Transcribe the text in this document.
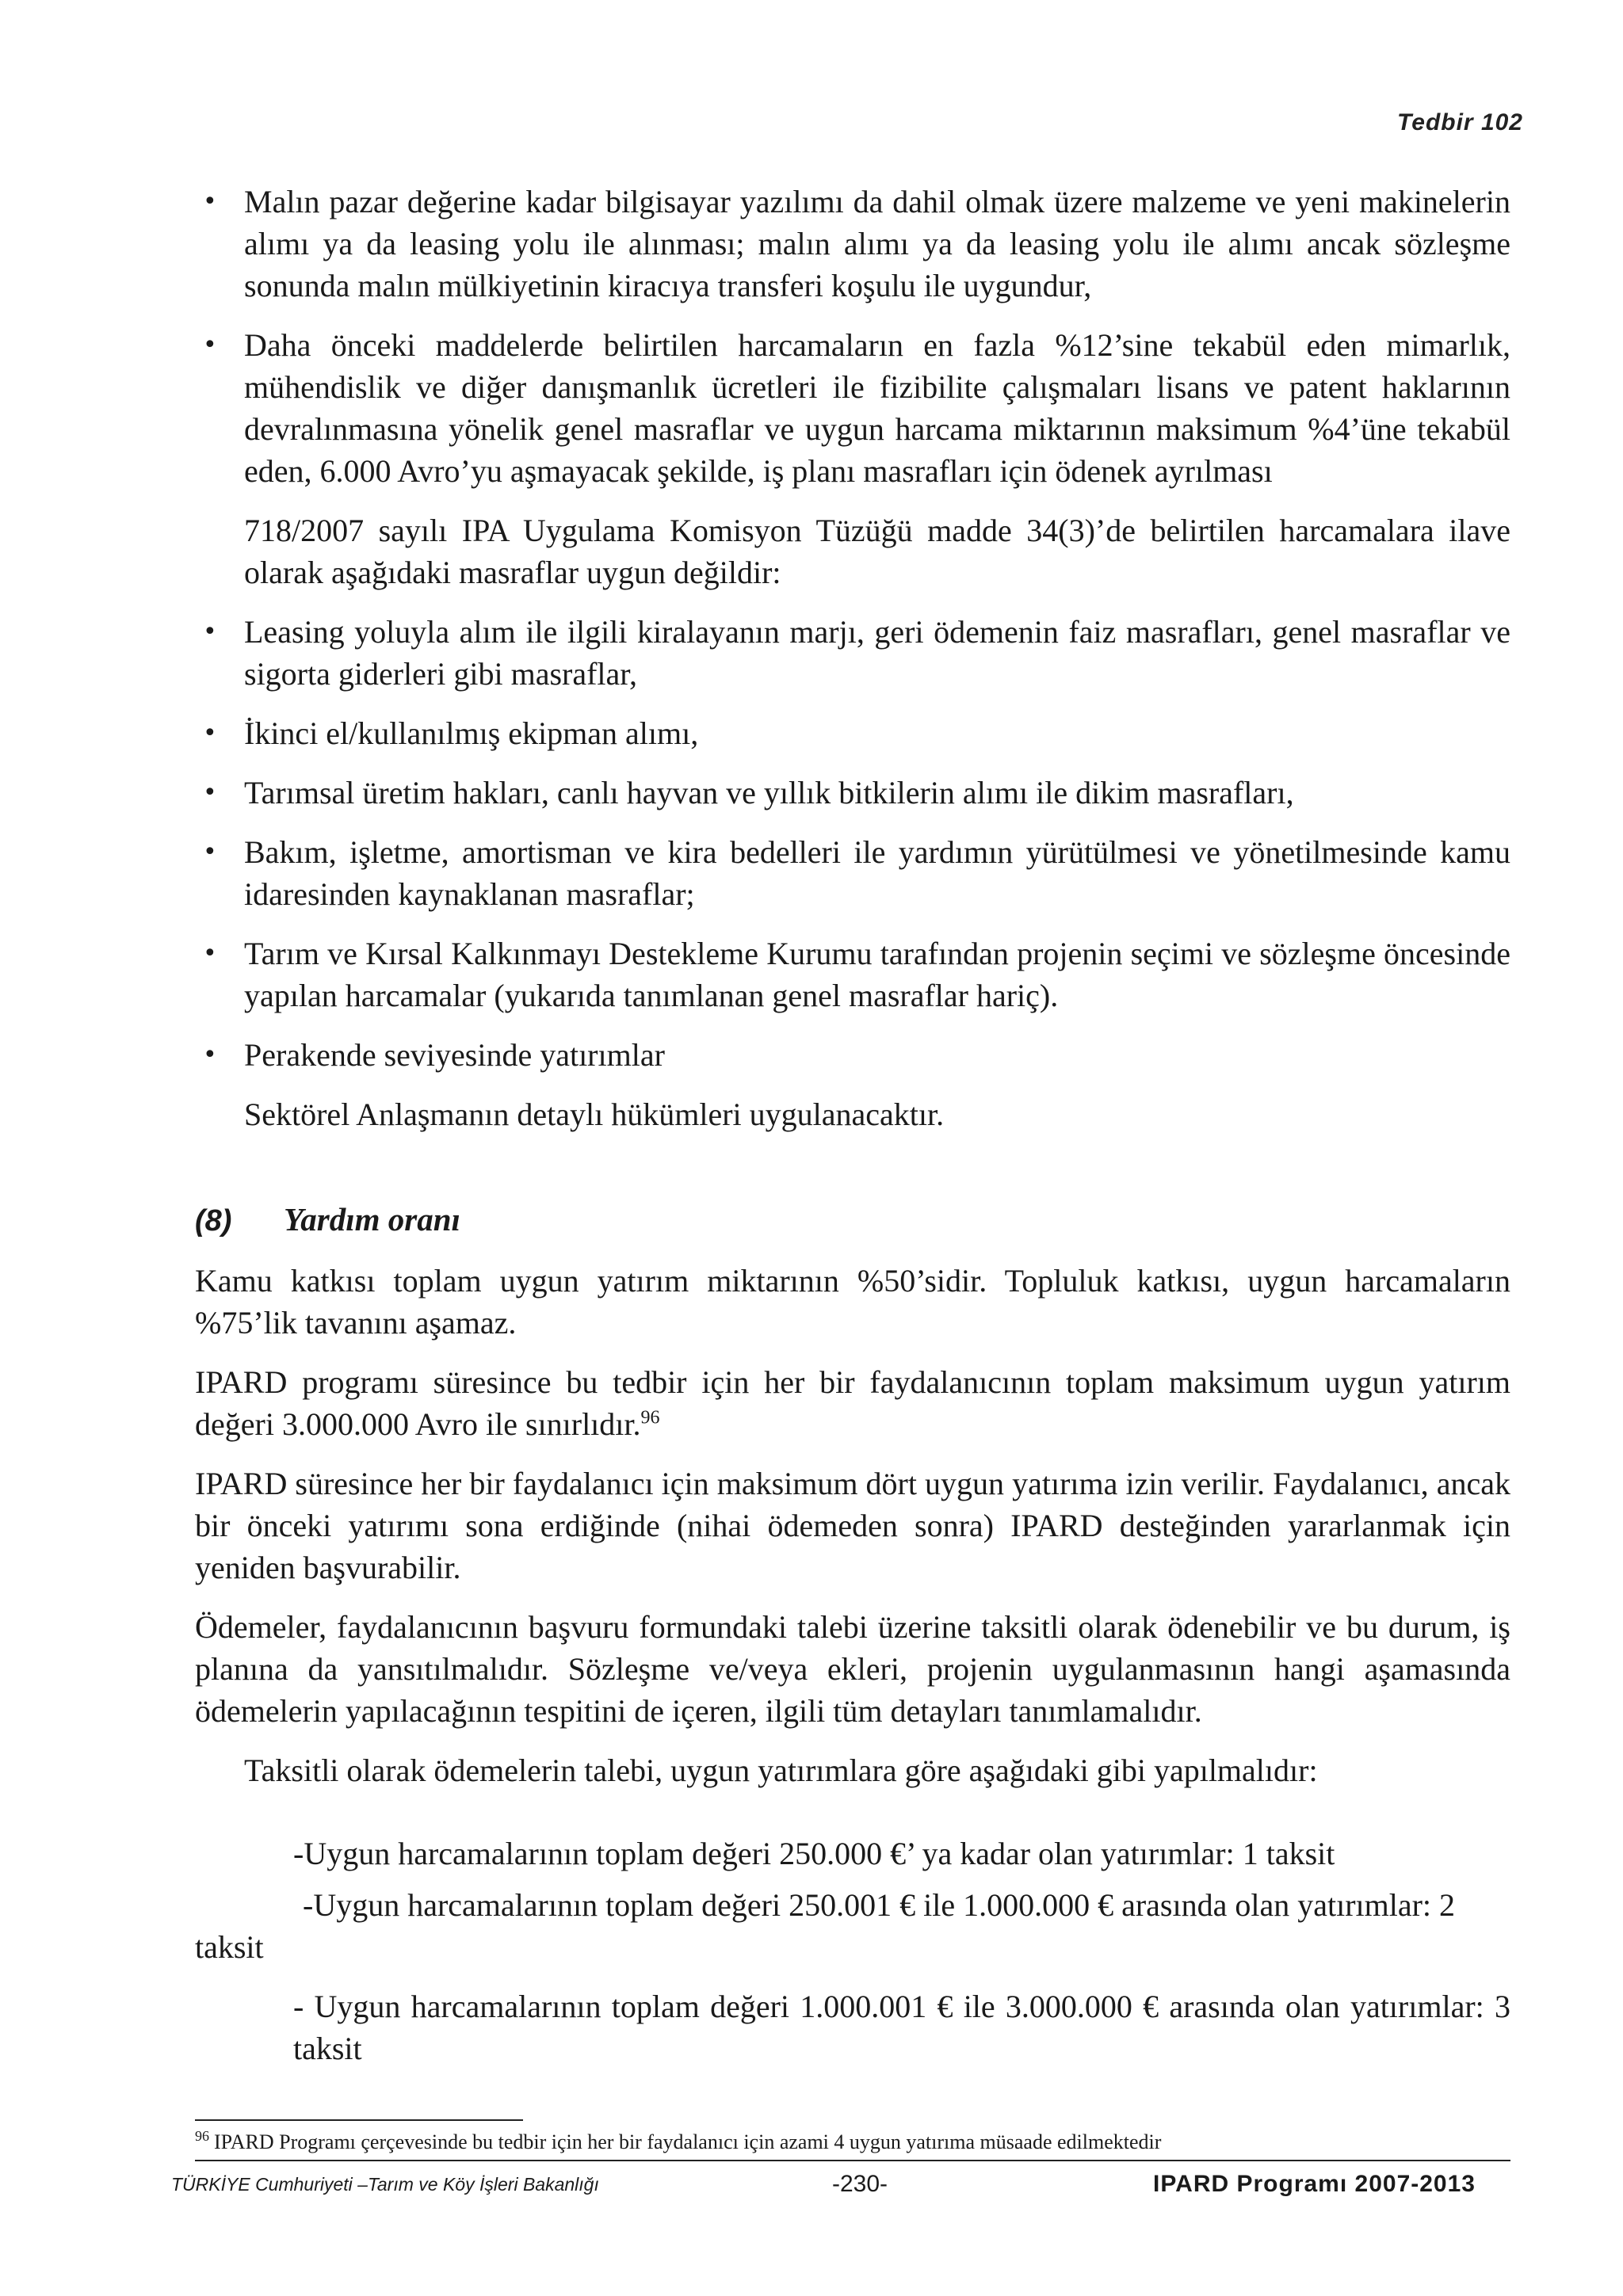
Tedbir 102

• Malın pazar değerine kadar bilgisayar yazılımı da dahil olmak üzere malzeme ve yeni makinelerin alımı ya da leasing yolu ile alınması; malın alımı ya da leasing yolu ile alımı ancak sözleşme sonunda malın mülkiyetinin kiracıya transferi koşulu ile uygundur,

• Daha önceki maddelerde belirtilen harcamaların en fazla %12’sine tekabül eden mimarlık, mühendislik ve diğer danışmanlık ücretleri ile fizibilite çalışmaları lisans ve patent haklarının devralınmasına yönelik genel masraflar ve uygun harcama miktarının maksimum %4’üne tekabül eden, 6.000 Avro’yu aşmayacak şekilde, iş planı masrafları için ödenek ayrılması

718/2007 sayılı IPA Uygulama Komisyon Tüzüğü madde 34(3)’de belirtilen harcamalara ilave olarak aşağıdaki masraflar uygun değildir:

• Leasing yoluyla alım ile ilgili kiralayanın marjı, geri ödemenin faiz masrafları, genel masraflar ve sigorta giderleri gibi masraflar,

• İkinci el/kullanılmış ekipman alımı,

• Tarımsal üretim hakları, canlı hayvan ve yıllık bitkilerin alımı ile dikim masrafları,

• Bakım, işletme, amortisman ve kira bedelleri ile yardımın yürütülmesi ve yönetilmesinde kamu idaresinden kaynaklanan masraflar;

• Tarım ve Kırsal Kalkınmayı Destekleme Kurumu tarafından projenin seçimi ve sözleşme öncesinde yapılan harcamalar (yukarıda tanımlanan genel masraflar hariç).

• Perakende seviyesinde yatırımlar

Sektörel Anlaşmanın detaylı hükümleri uygulanacaktır.

(8)	Yardım oranı

Kamu katkısı toplam uygun yatırım miktarının %50’sidir. Topluluk katkısı, uygun harcamaların %75’lik tavanını aşamaz.

IPARD programı süresince bu tedbir için her bir faydalanıcının toplam maksimum uygun yatırım değeri 3.000.000 Avro ile sınırlıdır.$^{96}$

IPARD süresince her bir faydalanıcı için maksimum dört uygun yatırıma izin verilir. Faydalanıcı, ancak bir önceki yatırımı sona erdiğinde (nihai ödemeden sonra) IPARD desteğinden yararlanmak için yeniden başvurabilir.

Ödemeler, faydalanıcının başvuru formundaki talebi üzerine taksitli olarak ödenebilir ve bu durum, iş planına da yansıtılmalıdır. Sözleşme ve/veya ekleri, projenin uygulanmasının hangi aşamasında ödemelerin yapılacağının tespitini de içeren, ilgili tüm detayları tanımlamalıdır.

Taksitli olarak ödemelerin talebi, uygun yatırımlara göre aşağıdaki gibi yapılmalıdır:

-Uygun harcamalarının toplam değeri 250.000 €’ ya kadar olan yatırımlar: 1 taksit

-Uygun harcamalarının toplam değeri 250.001 € ile 1.000.000 € arasında olan yatırımlar: 2

taksit

- Uygun harcamalarının toplam değeri 1.000.001 € ile 3.000.000 € arasında olan yatırımlar: 3 taksit

$^{96}$ IPARD Programı çerçevesinde bu tedbir için her bir faydalanıcı için azami 4 uygun yatırıma müsaade edilmektedir
TÜRKİYE Cumhuriyeti –Tarım ve Köy İşleri Bakanlığı	-230-	IPARD Programı 2007-2013
